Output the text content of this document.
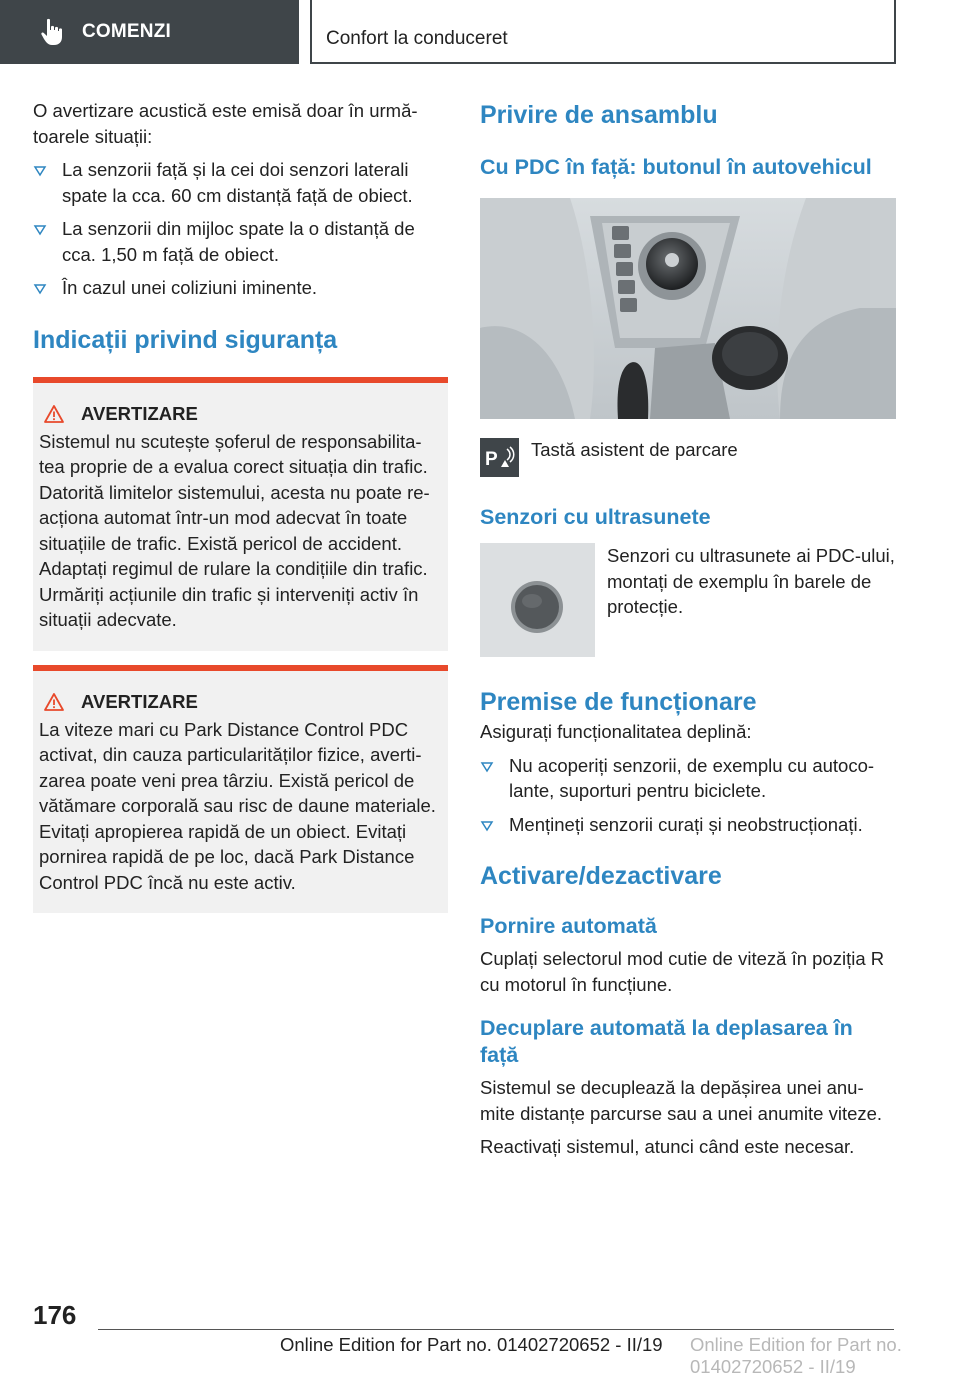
COMENZI	Confort la conduceret

O avertizare acustică este emisă doar în urmă-toarele situații:

La senzorii față și la cei doi senzori laterali spate la cca. 60 cm distanță față de obiect.
La senzorii din mijloc spate la o distanță de cca. 1,50 m față de obiect.
În cazul unei coliziuni iminente.
Indicații privind siguranța
AVERTIZARE

Sistemul nu scutește șoferul de responsabilita-tea proprie de a evalua corect situația din trafic. Datorită limitelor sistemului, acesta nu poate re-acționa automat într-un mod adecvat în toate situațiile de trafic. Există pericol de accident. Adaptați regimul de rulare la condițiile din trafic. Urmăriți acțiunile din trafic și interveniți activ în situații adecvate.

AVERTIZARE

La viteze mari cu Park Distance Control PDC activat, din cauza particularităților fizice, averti-zarea poate veni prea târziu. Există pericol de vătămare corporală sau risc de daune materiale. Evitați apropierea rapidă de un obiect. Evitați pornirea rapidă de pe loc, dacă Park Distance Control PDC încă nu este activ.

Privire de ansamblu
Cu PDC în față: butonul în autovehicul
P Tastă asistent de parcare
Senzori cu ultrasunete
Senzori cu ultrasunete ai PDC-ului, montați de exemplu în barele de protecție.
Premise de funcționare

Asigurați funcționalitatea deplină:

Nu acoperiți senzorii, de exemplu cu autoco-lante, suporturi pentru biciclete.
Mențineți senzorii curați și neobstrucționați.
Activare/dezactivare
Pornire automată

Cuplați selectorul mod cutie de viteză în poziția R cu motorul în funcțiune.

Decuplare automată la deplasarea în față

Sistemul se decuplează la depășirea unei anu-mite distanțe parcurse sau a unei anumite viteze.

Reactivați sistemul, atunci când este necesar.

176
Online Edition for Part no. 01402720652 - II/19 Online Edition for Part no. 01402720652 - II/19
